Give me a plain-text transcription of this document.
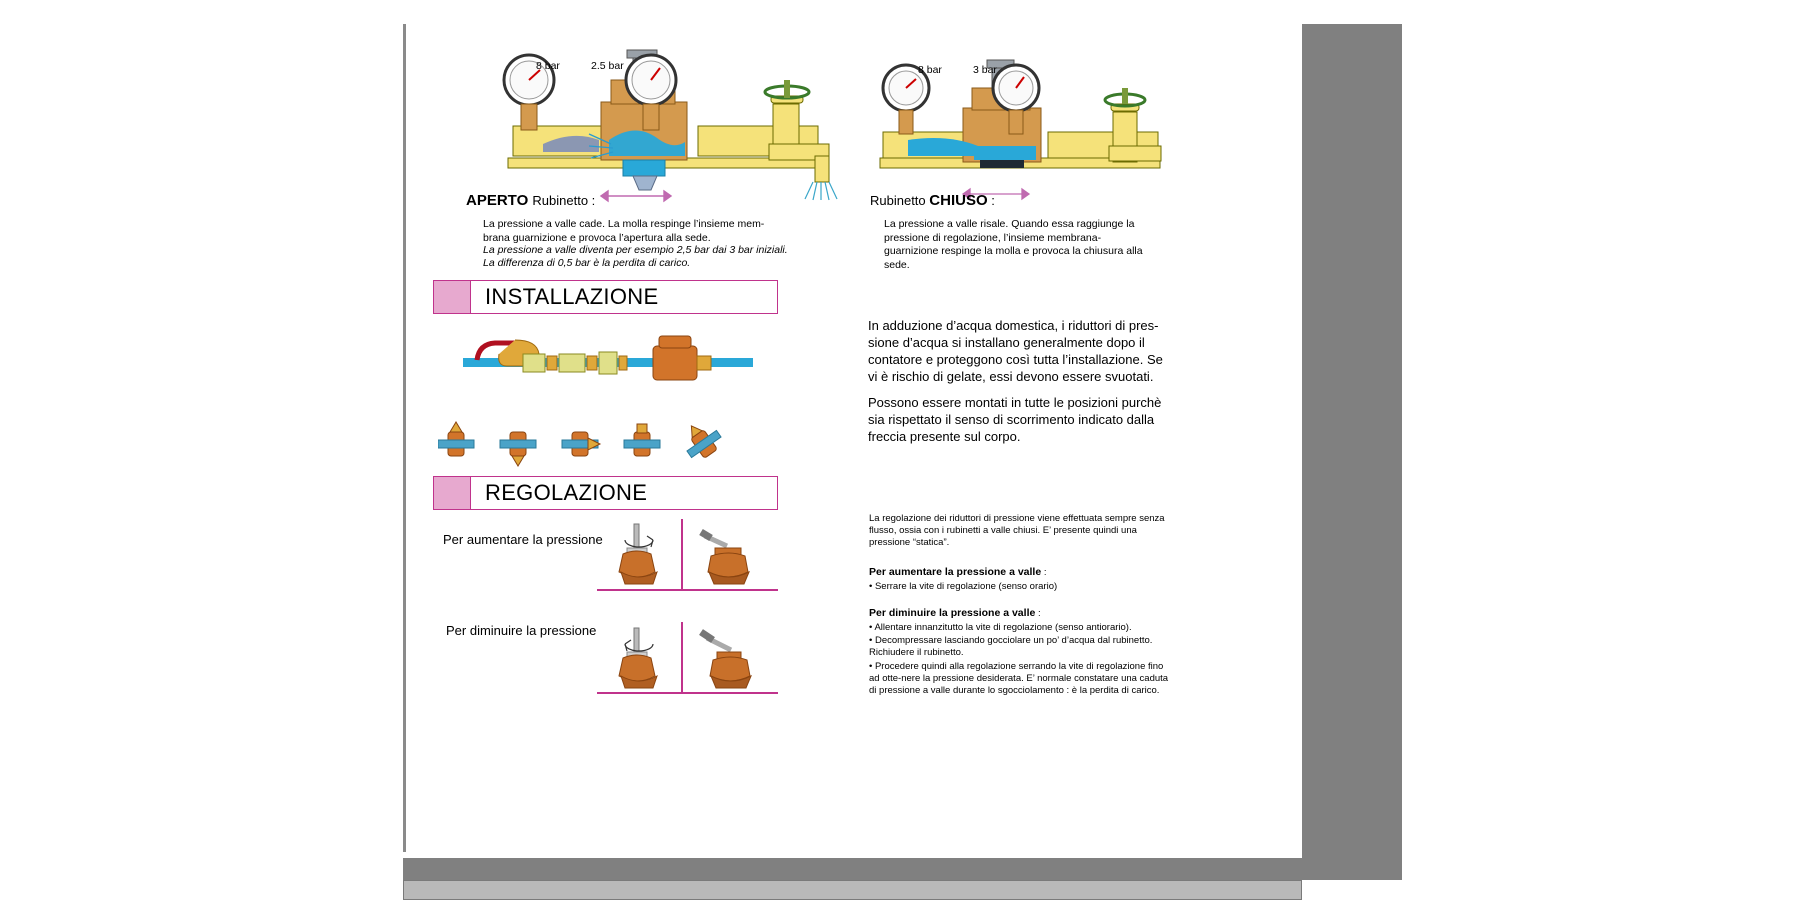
8 bar	2.5 bar	8 bar	3 bar
APERTO Rubinetto :
La pressione a valle cade. La molla respinge l’insieme mem-brana guarnizione e provoca l’apertura alla sede.
La pressione a valle diventa per esempio 2,5 bar dai 3 bar iniziali.
La differenza di 0,5 bar è la perdita di carico.
Rubinetto CHIUSO :
La pressione a valle risale. Quando essa raggiunge la pressione di regolazione, l’insieme membrana-guarnizione respinge la molla e provoca la chiusura alla sede.
INSTALLAZIONE
In adduzione d’acqua domestica, i riduttori di pres-sione d’acqua si installano generalmente dopo il contatore e proteggono così tutta l’installazione. Se vi è rischio di gelate, essi devono essere svuotati.
Possono essere montati in tutte le posizioni purchè sia rispettato il senso di scorrimento indicato dalla freccia presente sul corpo.
REGOLAZIONE
Per aumentare la pressione
Per diminuire la pressione
La regolazione dei riduttori di pressione viene effettuata sempre senza flusso, ossia con i rubinetti a valle chiusi. E’ presente quindi una pressione “statica”.
Per aumentare la pressione a valle :
• Serrare la vite di regolazione (senso orario)
Per diminuire la pressione a valle :
• Allentare innanzitutto la vite di regolazione (senso antiorario).
• Decompressare lasciando gocciolare un po’ d’acqua dal rubinetto. Richiudere il rubinetto.
• Procedere quindi alla regolazione serrando la vite di regolazione fino ad otte-nere la pressione desiderata. E’ normale constatare una caduta di pressione a valle durante lo sgocciolamento : è la perdita di carico.
